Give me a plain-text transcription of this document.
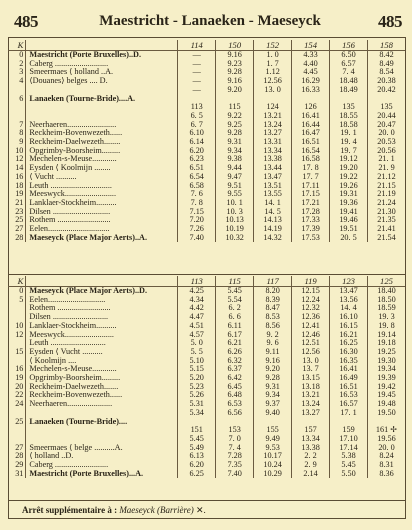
485	Maestricht - Lanaeken - Maeseyck	485
K		114	150	152	154	156	158
0	Maestricht (Porte Bruxelles)..D.	—	9.16	1. 0	4.33	6.50	8.42
2	Caberg ..........................	—	9.23	1. 7	4.40	6.57	8.49
3	Smeermaes ⟨ holland ..A.	—	9.28	1.12	4.45	7. 4	8.54
4	⟨Douanes⟩ belges .... D.	—	9.16	12.56	16.29	18.48	20.38
		—	9.20	13. 0	16.33	18.49	20.42
6	Lanaeken (Tourne-Bride)....A.						
		113	115	124	126	135	135
		6. 5	9.22	13.21	16.41	18.55	20.44
7	Neerhaeren........................	6. 7	9.25	13.24	16.44	18.58	20.47
8	Reckheim-Bovenwezeth......	6.10	9.28	13.27	16.47	19. 1	20. 0
9	Reckheim-Daelwezeth........	6.14	9.31	13.31	16.51	19. 4	20.53
10	Opgrimby-Boorsheim.........	6.20	9.34	13.34	16.54	19. 7	20.56
12	Mechelen-s-Meuse............	6.23	9.38	13.38	16.58	19.12	21. 1
14	Eysden ⟨ Koolmijn ........	6.51	9.44	13.44	17. 8	19.20	21. 9
16	⟨ Vucht ..........	6.54	9.47	13.47	17. 7	19.22	21.12
18	Leuth ..............................	6.58	9.51	13.51	17.11	19.26	21.15
19	Meeswyck.........................	7. 6	9.55	13.55	17.15	19.31	21.19
21	Lanklaer-Stockheim..........	7. 8	10. 1	14. 1	17.21	19.36	21.24
23	Dilsen ............................	7.15	10. 3	14. 5	17.28	19.41	21.30
25	Rothem ..........................	7.20	10.13	14.13	17.33	19.46	21.35
27	Eelen..............................	7.26	10.19	14.19	17.39	19.51	21.41
28	Maeseyck (Place Major Aerts)..A.	7.40	10.32	14.32	17.53	20. 5	21.54
K		113	115	117	119	123	125
0	Maeseyck (Place Major Aerts)..D.	4.25	5.45	8.20	12.15	13.47	18.40
5	Eelen............................	4.34	5.54	8.39	12.24	13.56	18.50
	Rothem ..........................	4.42	6. 2	8.47	12.32	14. 4	18.59
	Dilsen ...........................	4.47	6. 6	8.53	12.36	16.10	19. 3
10	Lanklaer-Stockheim..........	4.51	6.11	8.56	12.41	16.15	19. 8
12	Meeswyck........................	4.57	6.17	9. 2	12.46	16.21	19.14
	Leuth ...........................	5. 0	6.21	9. 6	12.51	16.25	19.18
15	Eysden ⟨ Vucht ..........	5. 5	6.26	9.11	12.56	16.30	19.25
	⟨ Koolmijn ....	5.10	6.32	9.16	13. 0	16.35	19.30
16	Mechelen-s-Meuse............	5.15	6.37	9.20	13. 7	16.41	19.34
19	Opgrimby-Boorsheim.........	5.20	6.42	9.28	13.15	16.49	19.39
20	Reckheim-Daelwezeth.......	5.23	6.45	9.31	13.18	16.51	19.42
22	Reckheim-Bovenwezeth......	5.26	6.48	9.34	13.21	16.53	19.45
24	Neerhaeren......................	5.31	6.53	9.37	13.24	16.57	19.48
		5.34	6.56	9.40	13.27	17. 1	19.50
25	Lanaeken (Tourne-Bride)....						
		151	153	155	157	159	161 ✢
		5.45	7. 0	9.49	13.34	17.10	19.56
27	Smeermaes ⟨ belge ..........A.	5.49	7. 4	9.53	13.38	17.14	20. 0
28	⟨ holland ..D.	6.13	7.28	10.17	2. 2	5.38	8.24
29	Caberg ..........................	6.20	7.35	10.24	2. 9	5.45	8.31
31	Maestricht (Porte Bruxelles)...A.	6.25	7.40	10.29	2.14	5.50	8.36
Arrêt supplémentaire à : Maeseyck (Barrière) ✕.
